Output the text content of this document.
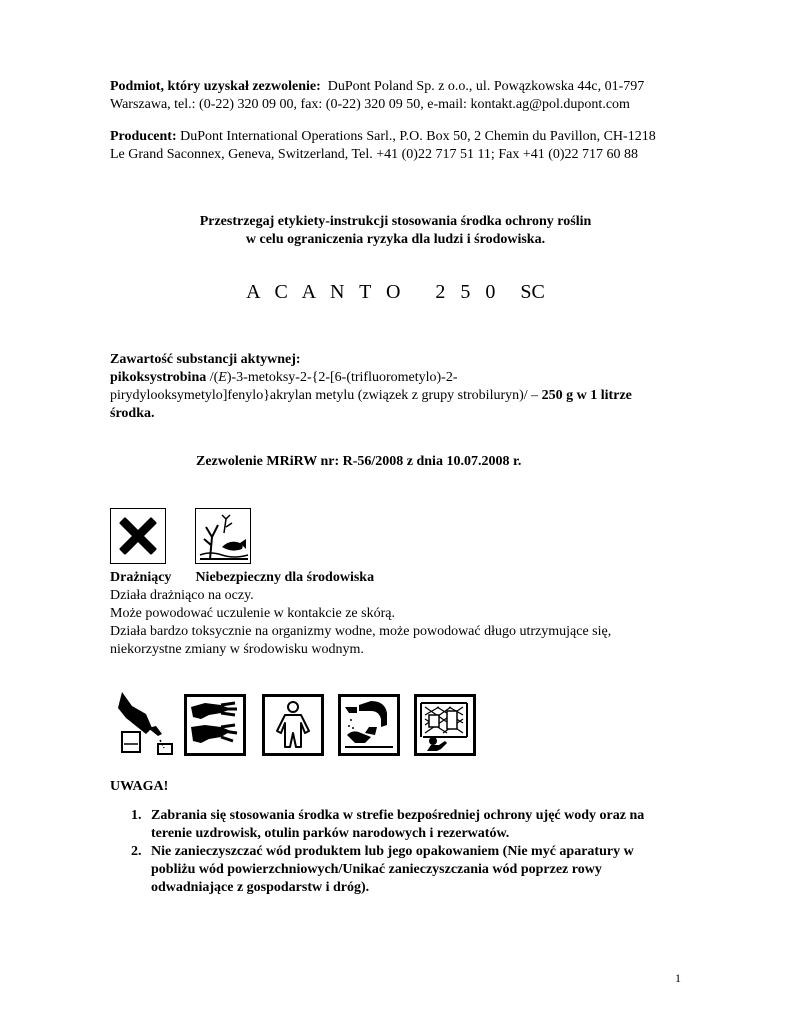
Podmiot, który uzyskał zezwolenie: DuPont Poland Sp. z o.o., ul. Powązkowska 44c, 01-797
Warszawa, tel.: (0-22) 320 09 00, fax: (0-22) 320 09 50, e-mail: kontakt.ag@pol.dupont.com
Producent: DuPont International Operations Sarl., P.O. Box 50, 2 Chemin du Pavillon, CH-1218
Le Grand Saconnex, Geneva, Switzerland, Tel. +41 (0)22 717 51 11; Fax +41 (0)22 717 60 88
Przestrzegaj etykiety-instrukcji stosowania środka ochrony roślin
w celu ograniczenia ryzyka dla ludzi i środowiska.
A C A N T O   2 5 0 SC
Zawartość substancji aktywnej:
pikoksystrobina /(E)-3-metoksy-2-{2-[6-(trifluorometylo)-2-
pirydylooksymetylo]fenylo}akrylan metylu (związek z grupy strobiluryn)/ – 250 g w 1 litrze
środka.
Zezwolenie MRiRW nr: R-56/2008 z dnia 10.07.2008 r.
Drażniący Niebezpieczny dla środowiska
Działa drażniąco na oczy.
Może powodować uczulenie w kontakcie ze skórą.
Działa bardzo toksycznie na organizmy wodne, może powodować długo utrzymujące się,
niekorzystne zmiany w środowisku wodnym.
UWAGA!
1. Zabrania się stosowania środka w strefie bezpośredniej ochrony ujęć wody oraz na
terenie uzdrowisk, otulin parków narodowych i rezerwatów.
2. Nie zanieczyszczać wód produktem lub jego opakowaniem (Nie myć aparatury w
pobliżu wód powierzchniowych/Unikać zanieczyszczania wód poprzez rowy
odwadniające z gospodarstw i dróg).
1
